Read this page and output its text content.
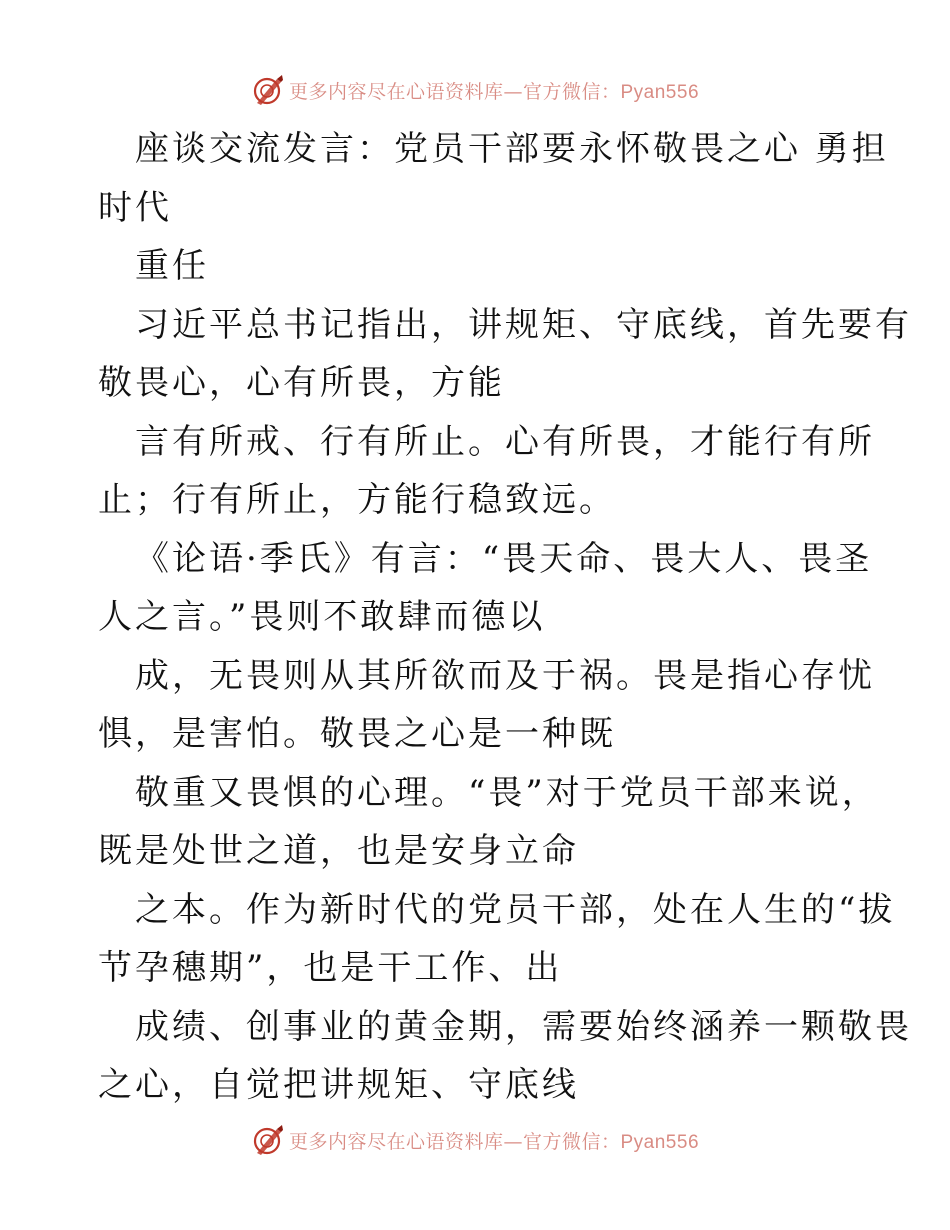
更多内容尽在心语资料库—官方微信：Pyan556
座谈交流发言：党员干部要永怀敬畏之心 勇担
时代
重任
习近平总书记指出，讲规矩、守底线，首先要有
敬畏心，心有所畏，方能
言有所戒、行有所止。心有所畏，才能行有所
止；行有所止，方能行稳致远。
《论语·季氏》有言：“畏天命、畏大人、畏圣
人之言。”畏则不敢肆而德以
成，无畏则从其所欲而及于祸。畏是指心存忧
惧，是害怕。敬畏之心是一种既
敬重又畏惧的心理。“畏”对于党员干部来说，
既是处世之道，也是安身立命
之本。作为新时代的党员干部，处在人生的“拔
节孕穗期”，也是干工作、出
成绩、创事业的黄金期，需要始终涵养一颗敬畏
之心，自觉把讲规矩、守底线
更多内容尽在心语资料库—官方微信：Pyan556
